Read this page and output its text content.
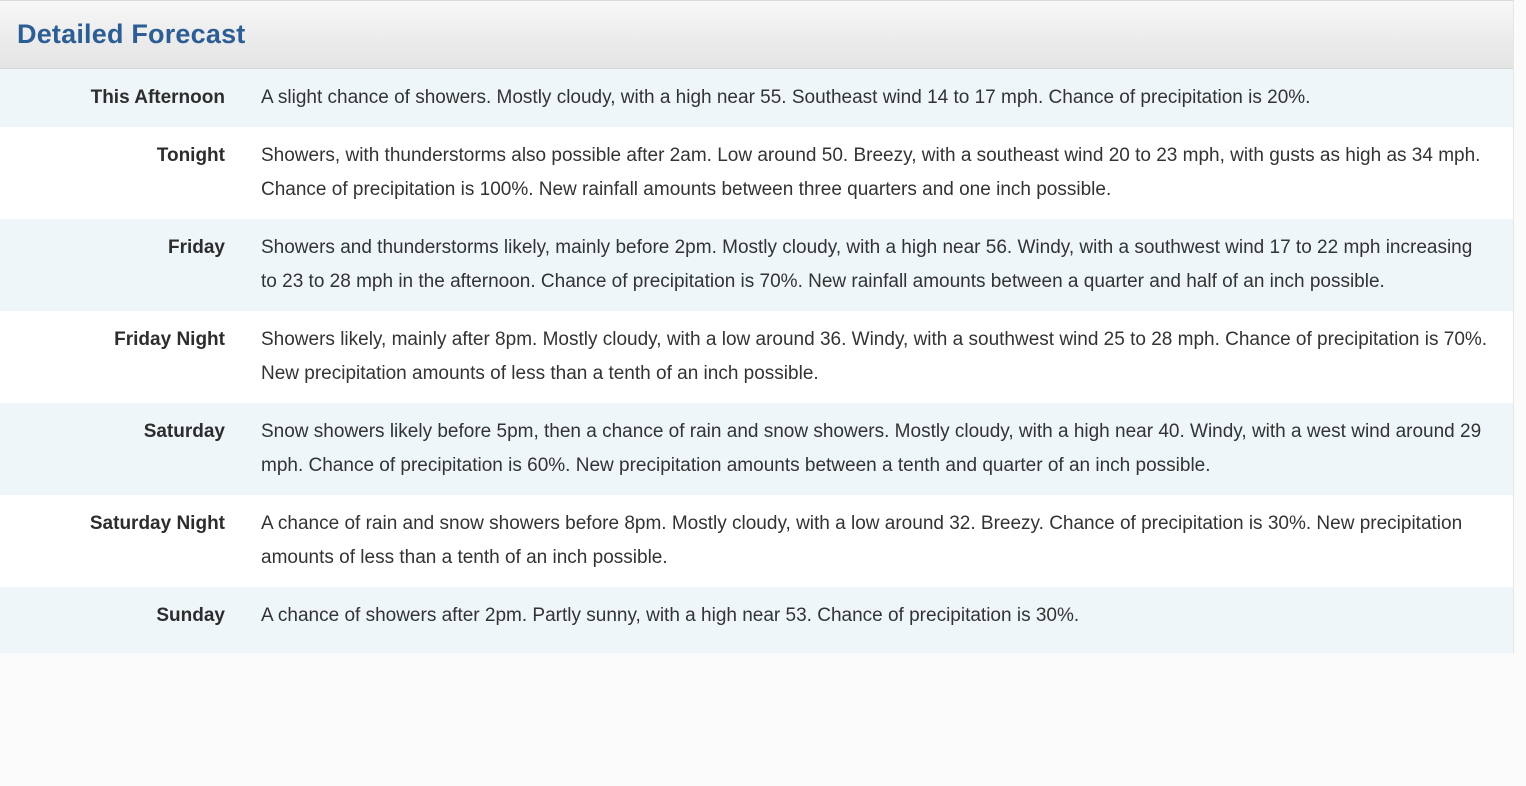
Detailed Forecast
This Afternoon A slight chance of showers. Mostly cloudy, with a high near 55. Southeast wind 14 to 17 mph. Chance of precipitation is 20%.
Tonight Showers, with thunderstorms also possible after 2am. Low around 50. Breezy, with a southeast wind 20 to 23 mph, with gusts as high as 34 mph. Chance of precipitation is 100%. New rainfall amounts between three quarters and one inch possible.
Friday Showers and thunderstorms likely, mainly before 2pm. Mostly cloudy, with a high near 56. Windy, with a southwest wind 17 to 22 mph increasing to 23 to 28 mph in the afternoon. Chance of precipitation is 70%. New rainfall amounts between a quarter and half of an inch possible.
Friday Night Showers likely, mainly after 8pm. Mostly cloudy, with a low around 36. Windy, with a southwest wind 25 to 28 mph. Chance of precipitation is 70%. New precipitation amounts of less than a tenth of an inch possible.
Saturday Snow showers likely before 5pm, then a chance of rain and snow showers. Mostly cloudy, with a high near 40. Windy, with a west wind around 29 mph. Chance of precipitation is 60%. New precipitation amounts between a tenth and quarter of an inch possible.
Saturday Night A chance of rain and snow showers before 8pm. Mostly cloudy, with a low around 32. Breezy. Chance of precipitation is 30%. New precipitation amounts of less than a tenth of an inch possible.
Sunday A chance of showers after 2pm. Partly sunny, with a high near 53. Chance of precipitation is 30%.
